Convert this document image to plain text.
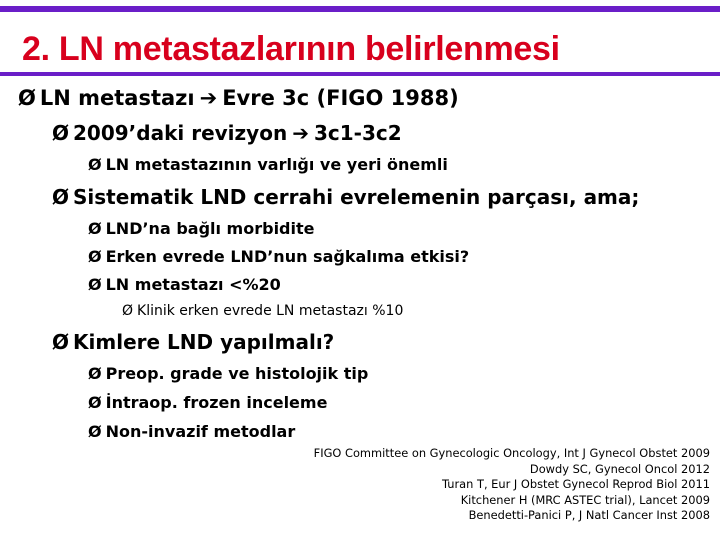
2. LN metastazlarının belirlenmesi
Ø LN metastazı ➔ Evre 3c (FIGO 1988)
Ø 2009’daki revizyon ➔ 3c1-3c2
Ø LN metastazının varlığı ve yeri önemli
Ø Sistematik LND cerrahi evrelemenin parçası, ama;
Ø LND’na bağlı morbidite
Ø Erken evrede LND’nun sağkalıma etkisi?
Ø LN metastazı <%20
Ø Klinik erken evrede LN metastazı %10
Ø Kimlere LND yapılmalı?
Ø Preop. grade ve histolojik tip
Ø İntraop. frozen inceleme
Ø Non-invazif metodlar
FIGO Committee on Gynecologic Oncology, Int J Gynecol Obstet 2009
Dowdy SC, Gynecol Oncol 2012
Turan T, Eur J Obstet Gynecol Reprod Biol 2011
Kitchener H (MRC ASTEC trial), Lancet 2009
Benedetti-Panici P, J Natl Cancer Inst 2008
